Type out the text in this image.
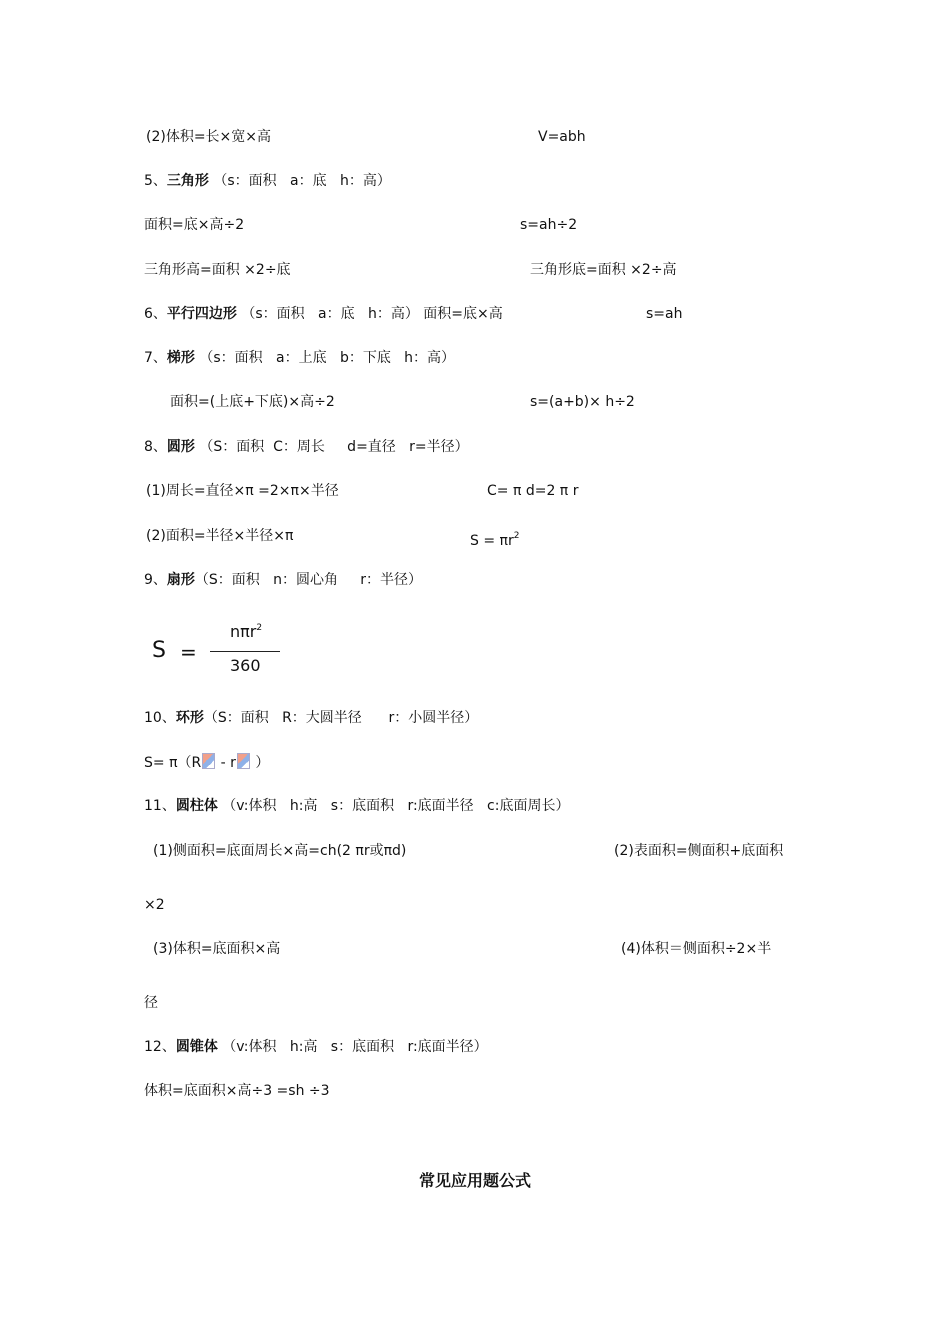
(2)体积=长×宽×高	V=abh
5、三角形 （s：面积   a：底   h：高）
面积=底×高÷2	s=ah÷2
三角形高=面积 ×2÷底	三角形底=面积 ×2÷高
6、平行四边形 （s：面积   a：底   h：高） 面积=底×高	s=ah
7、梯形 （s：面积   a：上底   b：下底   h：高）
面积=(上底+下底)×高÷2	s=(a+b)× h÷2
8、圆形 （S：面积  C：周长     d=直径   r=半径）
(1)周长=直径×π =2×π×半径	C= π d=2 π r
(2)面积=半径×半径×π	$S = \pi r^2$
9、扇形（S：面积   n：圆心角     r：半径）
S =
nπr$^2$
360
10、环形（S：面积   R：大圆半径      r：小圆半径）
S= π（R - r ）
11、圆柱体 （v:体积   h:高   s：底面积   r:底面半径   c:底面周长）
(1)侧面积=底面周长×高=ch(2 πr或πd)	(2)表面积=侧面积+底面积
×2
(3)体积=底面积×高	(4)体积＝侧面积÷2×半
径
12、圆锥体 （v:体积   h:高   s：底面积   r:底面半径）
体积=底面积×高÷3 =sh ÷3
常见应用题公式
